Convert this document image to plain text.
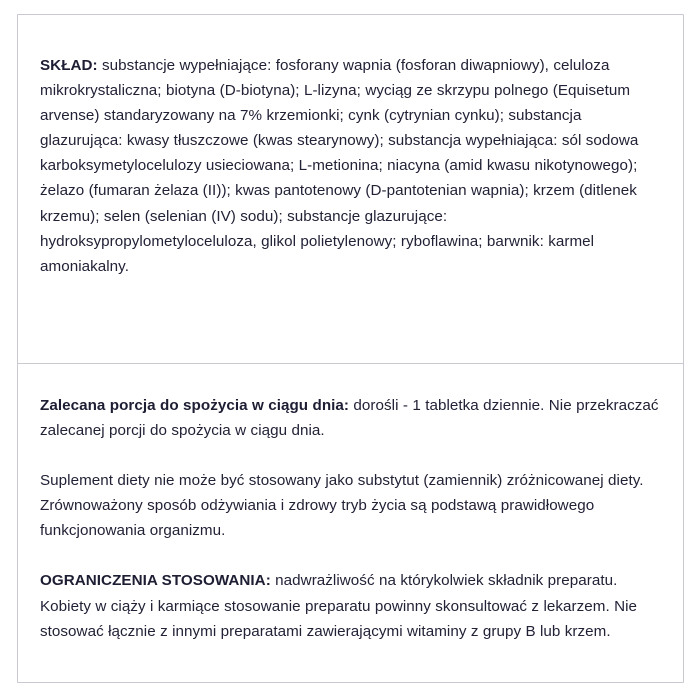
SKŁAD: substancje wypełniające: fosforany wapnia (fosforan diwapniowy), celuloza mikrokrystaliczna; biotyna (D-biotyna); L-lizyna; wyciąg ze skrzypu polnego (Equisetum arvense) standaryzowany na 7% krzemionki; cynk (cytrynian cynku); substancja glazurująca: kwasy tłuszczowe (kwas stearynowy); substancja wypełniająca: sól sodowa karboksymetylocelulozy usieciowana; L-metionina; niacyna (amid kwasu nikotynowego); żelazo (fumaran żelaza (II)); kwas pantotenowy (D-pantotenian wapnia); krzem (ditlenek krzemu); selen (selenian (IV) sodu); substancje glazurujące: hydroksypropylometyloceluloza, glikol polietylenowy; ryboflawina; barwnik: karmel amoniakalny.

Zalecana porcja do spożycia w ciągu dnia: dorośli - 1 tabletka dziennie. Nie przekraczać zalecanej porcji do spożycia w ciągu dnia.

Suplement diety nie może być stosowany jako substytut (zamiennik) zróżnicowanej diety. Zrównoważony sposób odżywiania i zdrowy tryb życia są podstawą prawidłowego funkcjonowania organizmu.

OGRANICZENIA STOSOWANIA: nadwrażliwość na którykolwiek składnik preparatu. Kobiety w ciąży i karmiące stosowanie preparatu powinny skonsultować z lekarzem. Nie stosować łącznie z innymi preparatami zawierającymi witaminy z grupy B lub krzem.
